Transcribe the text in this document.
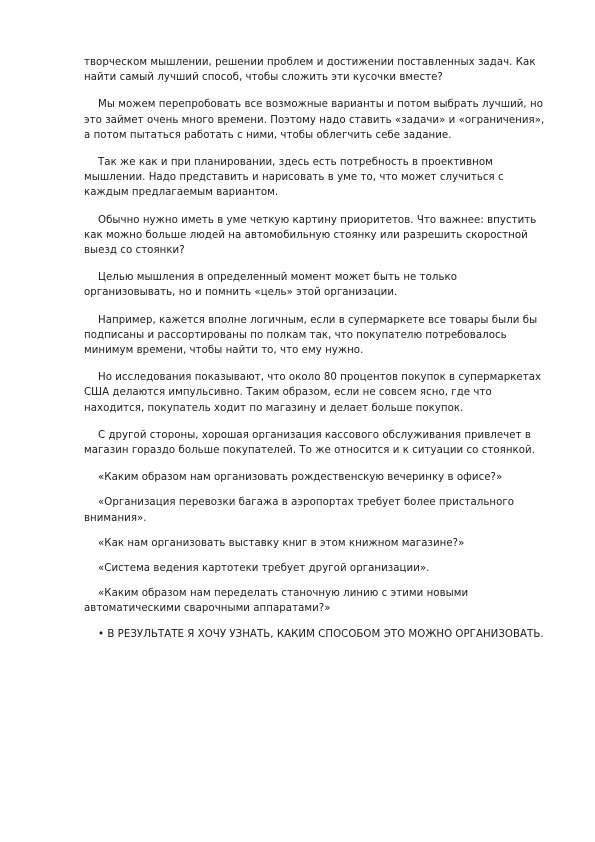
творческом мышлении, решении проблем и достижении поставленных задач. Как найти самый лучший способ, чтобы сложить эти кусочки вместе?

Мы можем перепробовать все возможные варианты и потом выбрать лучший, но это займет очень много времени. Поэтому надо ставить «задачи» и «ограничения», а потом пытаться работать с ними, чтобы облегчить себе задание.

Так же как и при планировании, здесь есть потребность в проективном мышлении. Надо представить и нарисовать в уме то, что может случиться с каждым предлагаемым вариантом.

Обычно нужно иметь в уме четкую картину приоритетов. Что важнее: впустить как можно больше людей на автомобильную стоянку или разрешить скоростной выезд со стоянки?

Целью мышления в определенный момент может быть не только организовывать, но и помнить «цель» этой организации.

Например, кажется вполне логичным, если в супермаркете все товары были бы подписаны и рассортированы по полкам так, что покупателю потребовалось минимум времени, чтобы найти то, что ему нужно.

Но исследования показывают, что около 80 процентов покупок в супермаркетах США делаются импульсивно. Таким образом, если не совсем ясно, где что находится, покупатель ходит по магазину и делает больше покупок.

С другой стороны, хорошая организация кассового обслуживания привлечет в магазин гораздо больше покупателей. То же относится и к ситуации со стоянкой.

«Каким образом нам организовать рождественскую вечеринку в офисе?»

«Организация перевозки багажа в аэропортах требует более пристального внимания».

«Как нам организовать выставку книг в этом книжном магазине?»

«Система ведения картотеки требует другой организации».

«Каким образом нам переделать станочную линию с этими новыми автоматическими сварочными аппаратами?»

• В РЕЗУЛЬТАТЕ Я ХОЧУ УЗНАТЬ, КАКИМ СПОСОБОМ ЭТО МОЖНО ОРГАНИЗОВАТЬ.
